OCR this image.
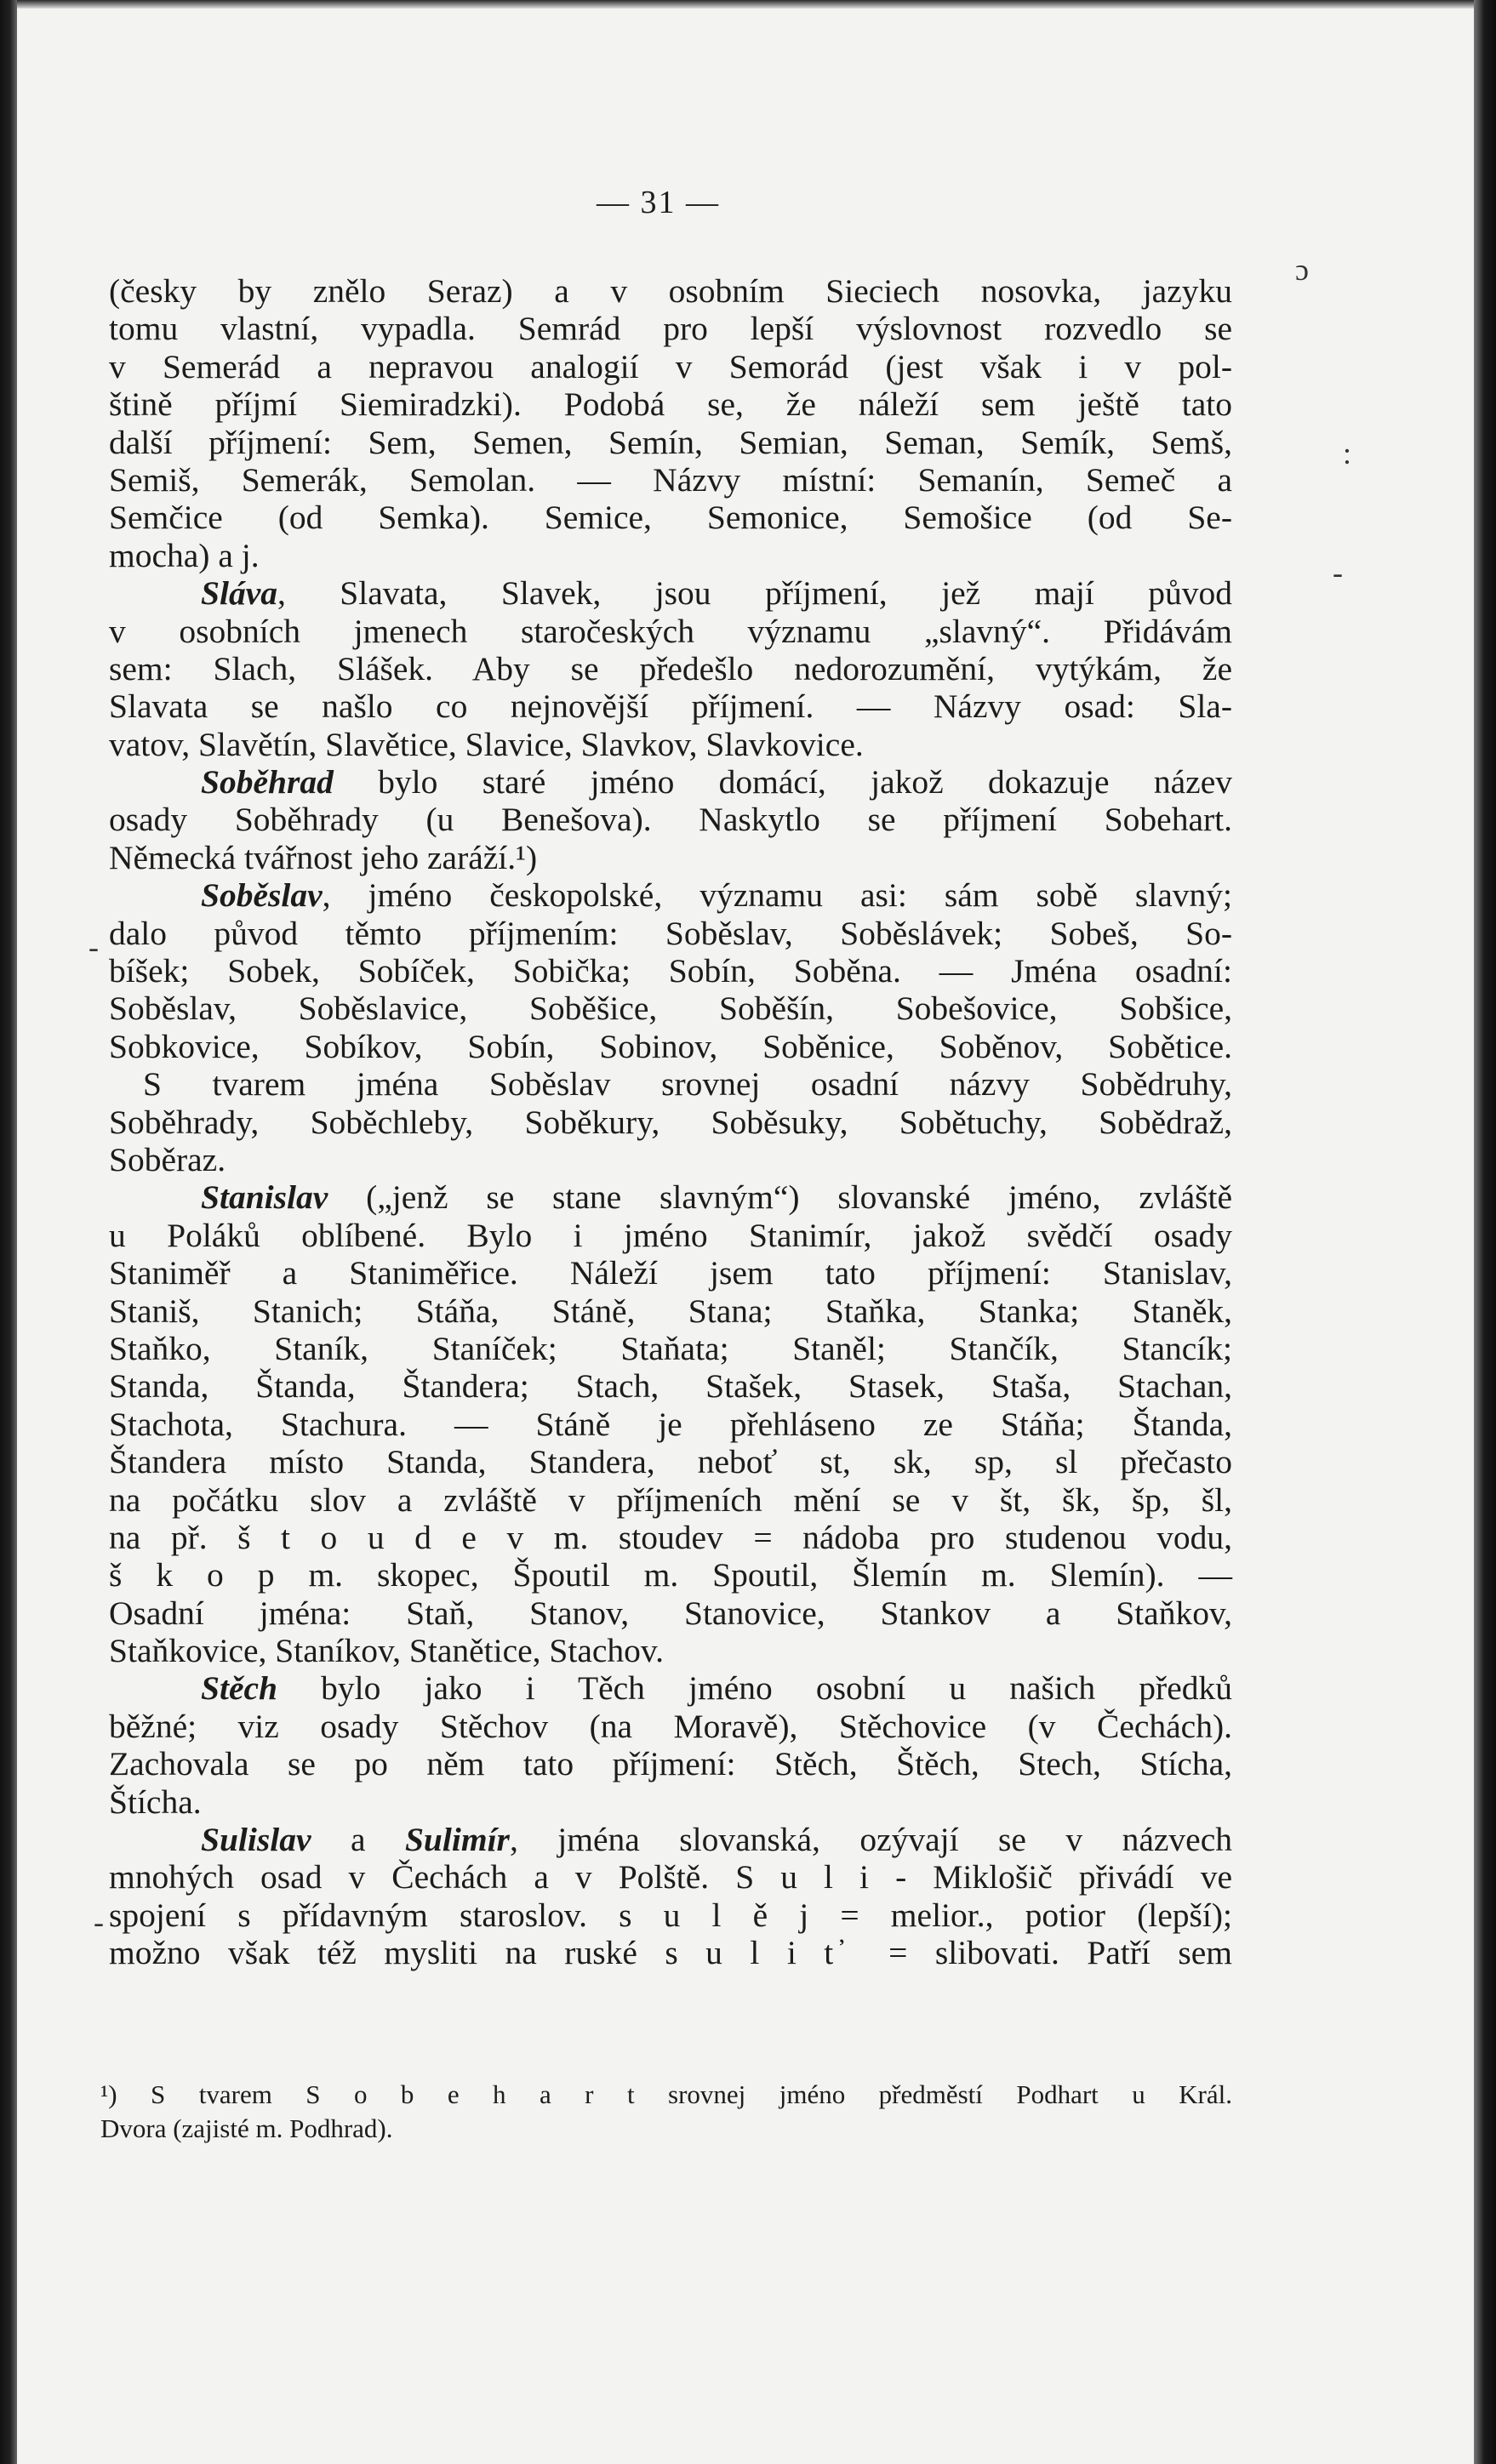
— 31 —
ɔ
:
-
-
-
(česky by znělo Seraz) a v osobním Sieciech nosovka, jazyku
tomu vlastní, vypadla. Semrád pro lepší výslovnost rozvedlo se
v Semerád a nepravou analogií v Semorád (jest však i v pol-
štině příjmí Siemiradzki). Podobá se, že náleží sem ještě tato
další příjmení: Sem, Semen, Semín, Semian, Seman, Semík, Semš,
Semiš, Semerák, Semolan. — Názvy místní: Semanín, Semeč a
Semčice (od Semka). Semice, Semonice, Semošice (od Se-
mocha) a j.
Sláva, Slavata, Slavek, jsou příjmení, jež mají původ
v osobních jmenech staročeských významu „slavný“. Přidávám
sem: Slach, Slášek. Aby se předešlo nedorozumění, vytýkám, že
Slavata se našlo co nejnovější příjmení. — Názvy osad: Sla-
vatov, Slavětín, Slavětice, Slavice, Slavkov, Slavkovice.
Soběhrad bylo staré jméno domácí, jakož dokazuje název
osady Soběhrady (u Benešova). Naskytlo se příjmení Sobehart.
Německá tvářnost jeho zaráží.¹)
Soběslav, jméno českopolské, významu asi: sám sobě slavný;
dalo původ těmto příjmením: Soběslav, Soběslávek; Sobeš, So-
bíšek; Sobek, Sobíček, Sobička; Sobín, Soběna. — Jména osadní:
Soběslav, Soběslavice, Soběšice, Soběšín, Sobešovice, Sobšice,
Sobkovice, Sobíkov, Sobín, Sobinov, Soběnice, Soběnov, Sobětice.
S tvarem jména Soběslav srovnej osadní názvy Sobědruhy,
Soběhrady, Soběchleby, Soběkury, Soběsuky, Sobětuchy, Sobědraž,
Soběraz.
Stanislav („jenž se stane slavným“) slovanské jméno, zvláště
u Poláků oblíbené. Bylo i jméno Stanimír, jakož svědčí osady
Staniměř a Staniměřice. Náleží jsem tato příjmení: Stanislav,
Staniš, Stanich; Stáňa, Stáně, Stana; Staňka, Stanka; Staněk,
Staňko, Staník, Staníček; Staňata; Staněl; Stančík, Stancík;
Standa, Štanda, Štandera; Stach, Stašek, Stasek, Staša, Stachan,
Stachota, Stachura. — Stáně je přehláseno ze Stáňa; Štanda,
Štandera místo Standa, Standera, neboť st, sk, sp, sl přečasto
na počátku slov a zvláště v příjmeních mění se v št, šk, šp, šl,
na př. š t o u d e v m. stoudev = nádoba pro studenou vodu,
š k o p m. skopec, Špoutil m. Spoutil, Šlemín m. Slemín). —
Osadní jména: Staň, Stanov, Stanovice, Stankov a Staňkov,
Staňkovice, Staníkov, Stanětice, Stachov.
Stěch bylo jako i Těch jméno osobní u našich předků
běžné; viz osady Stěchov (na Moravě), Stěchovice (v Čechách).
Zachovala se po něm tato příjmení: Stěch, Štěch, Stech, Stícha,
Štícha.
Sulislav a Sulimír, jména slovanská, ozývají se v názvech
mnohých osad v Čechách a v Polště. S u l i - Miklošič přivádí ve
spojení s přídavným staroslov. s u l ě j = melior., potior (lepší);
možno však též mysliti na ruské s u l i t ̓ = slibovati. Patří sem
¹) S tvarem S o b e h a r t srovnej jméno předměstí Podhart u Král.
Dvora (zajisté m. Podhrad).
